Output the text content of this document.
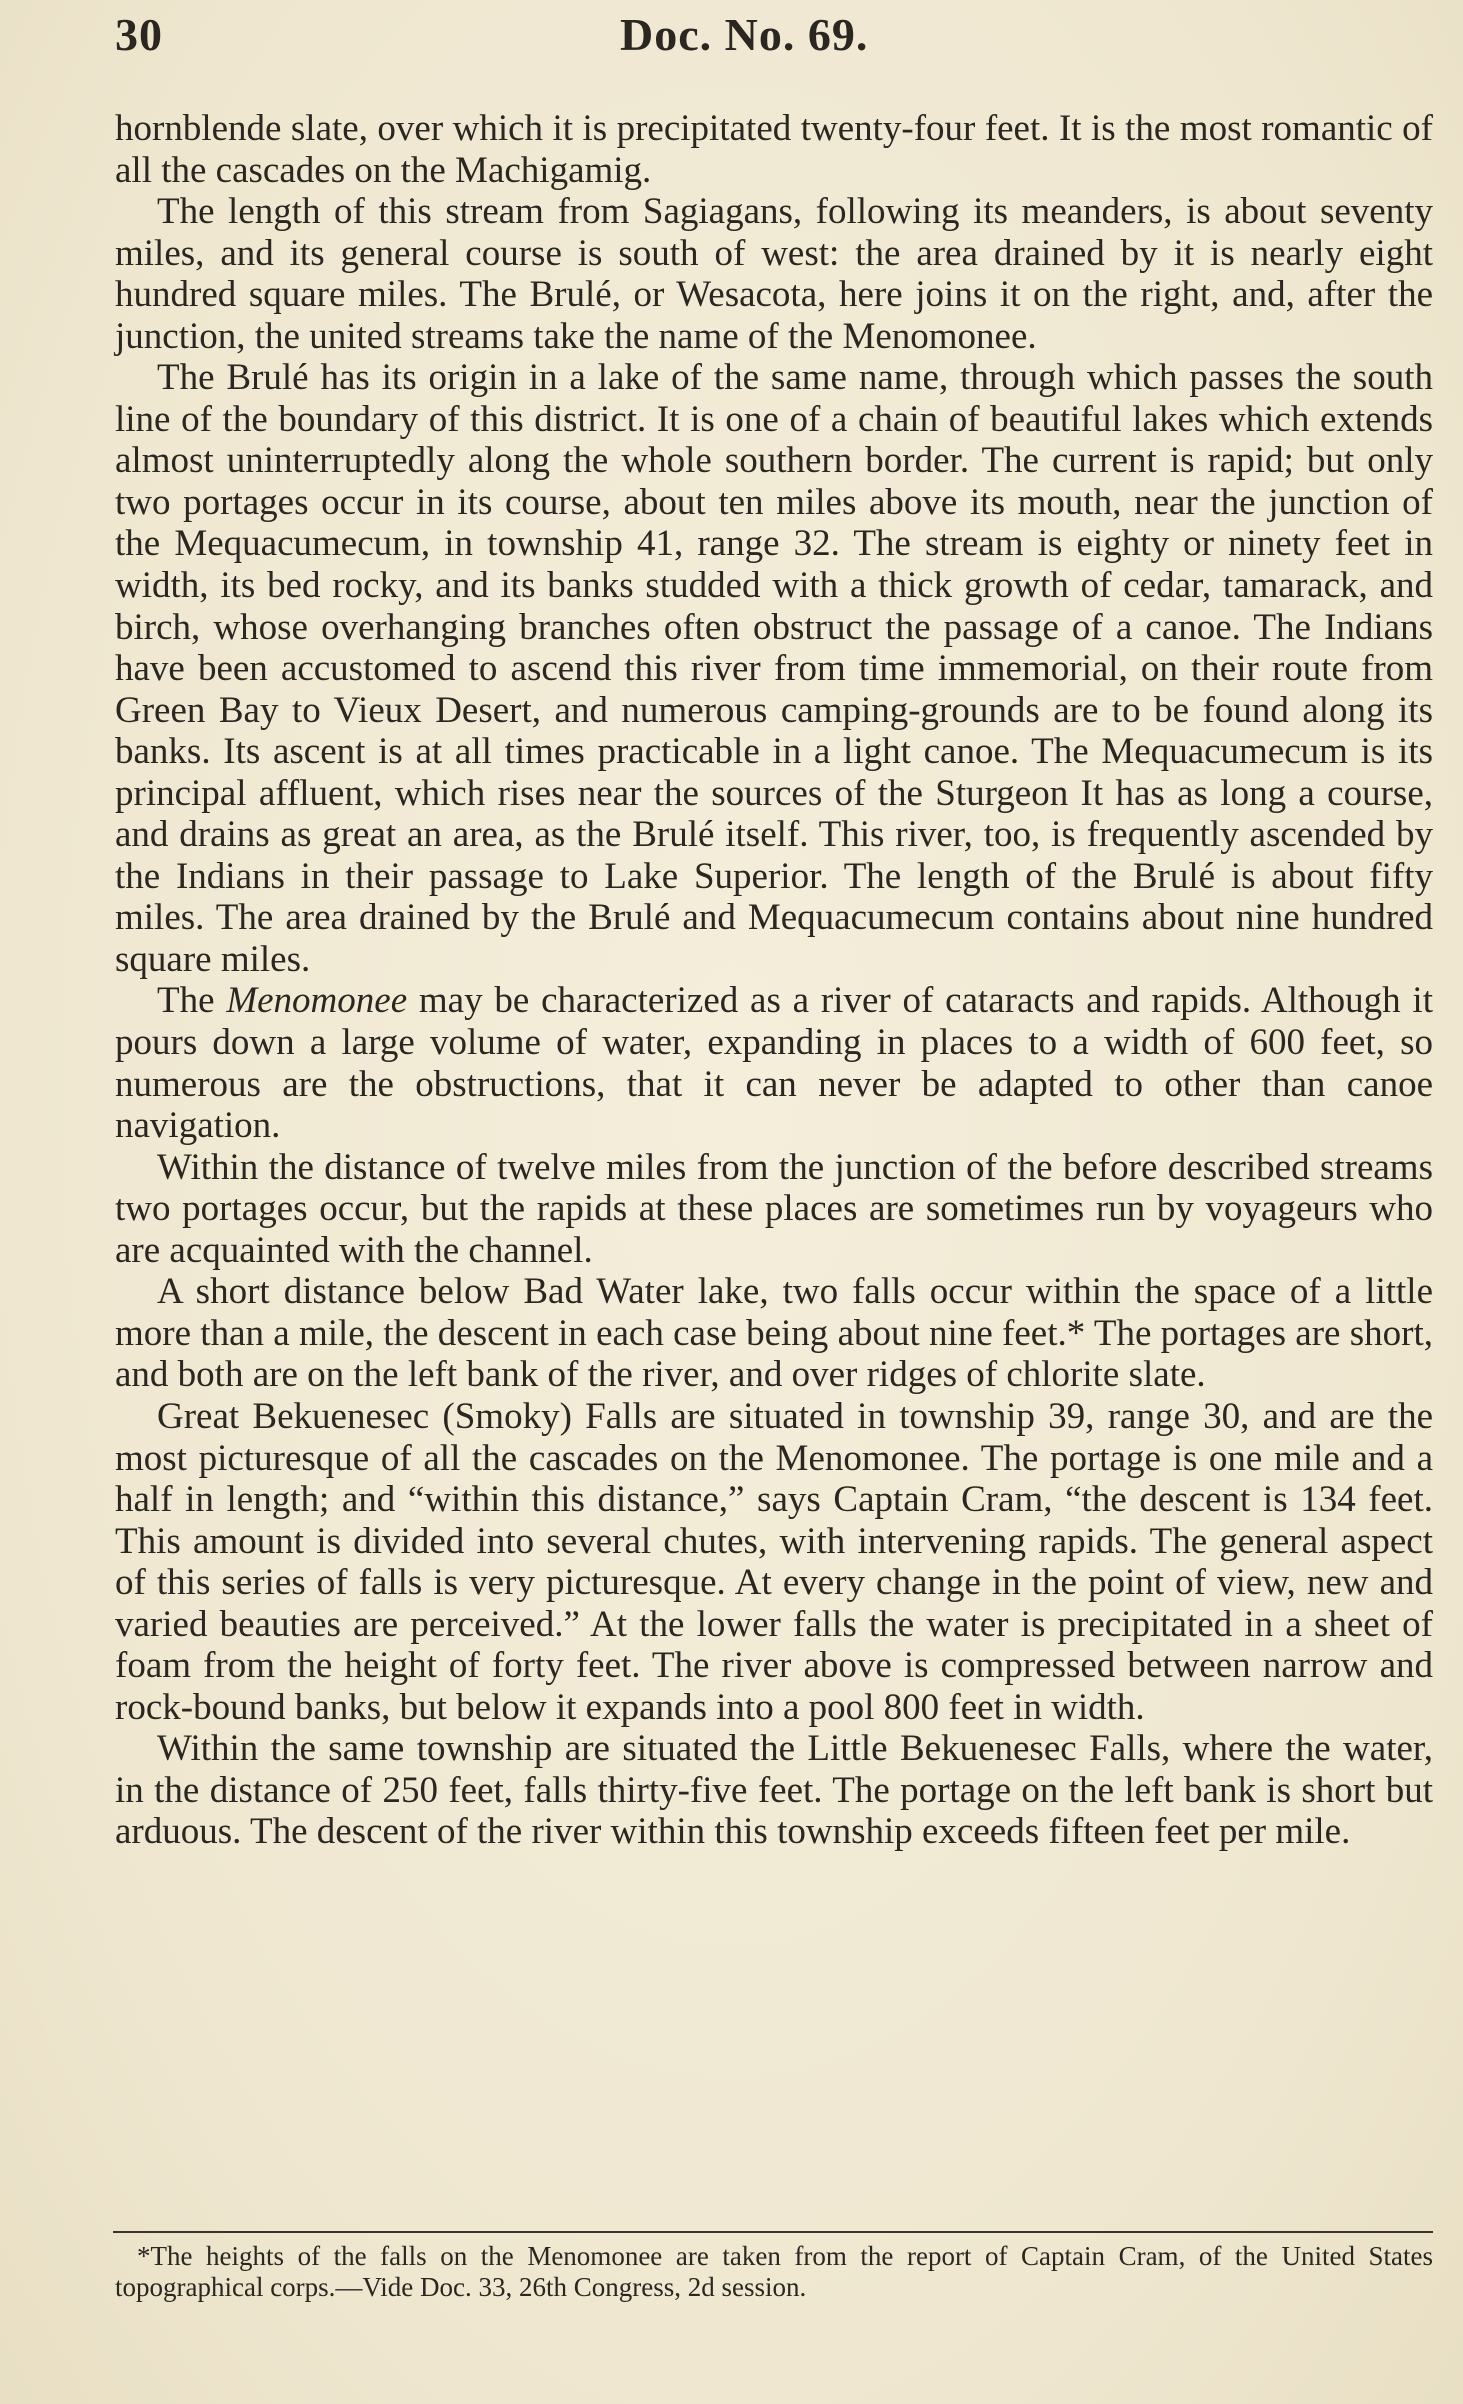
30	Doc. No. 69.

hornblende slate, over which it is precipitated twenty-four feet. It is the most romantic of all the cascades on the Machigamig.

The length of this stream from Sagiagans, following its meanders, is about seventy miles, and its general course is south of west: the area drained by it is nearly eight hundred square miles. The Brulé, or Wesacota, here joins it on the right, and, after the junction, the united streams take the name of the Menomonee.

The Brulé has its origin in a lake of the same name, through which passes the south line of the boundary of this district. It is one of a chain of beautiful lakes which extends almost uninterruptedly along the whole southern border. The current is rapid; but only two portages occur in its course, about ten miles above its mouth, near the junction of the Mequacumecum, in township 41, range 32. The stream is eighty or ninety feet in width, its bed rocky, and its banks studded with a thick growth of cedar, tamarack, and birch, whose overhanging branches often obstruct the passage of a canoe. The Indians have been accustomed to ascend this river from time immemorial, on their route from Green Bay to Vieux Desert, and numerous camping-grounds are to be found along its banks. Its ascent is at all times practicable in a light canoe. The Mequacumecum is its principal affluent, which rises near the sources of the Sturgeon It has as long a course, and drains as great an area, as the Brulé itself. This river, too, is frequently ascended by the Indians in their passage to Lake Superior. The length of the Brulé is about fifty miles. The area drained by the Brulé and Mequacumecum contains about nine hundred square miles.

The Menomonee may be characterized as a river of cataracts and rapids. Although it pours down a large volume of water, expanding in places to a width of 600 feet, so numerous are the obstructions, that it can never be adapted to other than canoe navigation.

Within the distance of twelve miles from the junction of the before described streams two portages occur, but the rapids at these places are sometimes run by voyageurs who are acquainted with the channel.

A short distance below Bad Water lake, two falls occur within the space of a little more than a mile, the descent in each case being about nine feet.* The portages are short, and both are on the left bank of the river, and over ridges of chlorite slate.

Great Bekuenesec (Smoky) Falls are situated in township 39, range 30, and are the most picturesque of all the cascades on the Menomonee. The portage is one mile and a half in length; and “within this distance,” says Captain Cram, “the descent is 134 feet. This amount is divided into several chutes, with intervening rapids. The general aspect of this series of falls is very picturesque. At every change in the point of view, new and varied beauties are perceived.” At the lower falls the water is precipitated in a sheet of foam from the height of forty feet. The river above is compressed between narrow and rock-bound banks, but below it expands into a pool 800 feet in width.

Within the same township are situated the Little Bekuenesec Falls, where the water, in the distance of 250 feet, falls thirty-five feet. The portage on the left bank is short but arduous. The descent of the river within this township exceeds fifteen feet per mile.

*The heights of the falls on the Menomonee are taken from the report of Captain Cram, of the United States topographical corps.—Vide Doc. 33, 26th Congress, 2d session.
